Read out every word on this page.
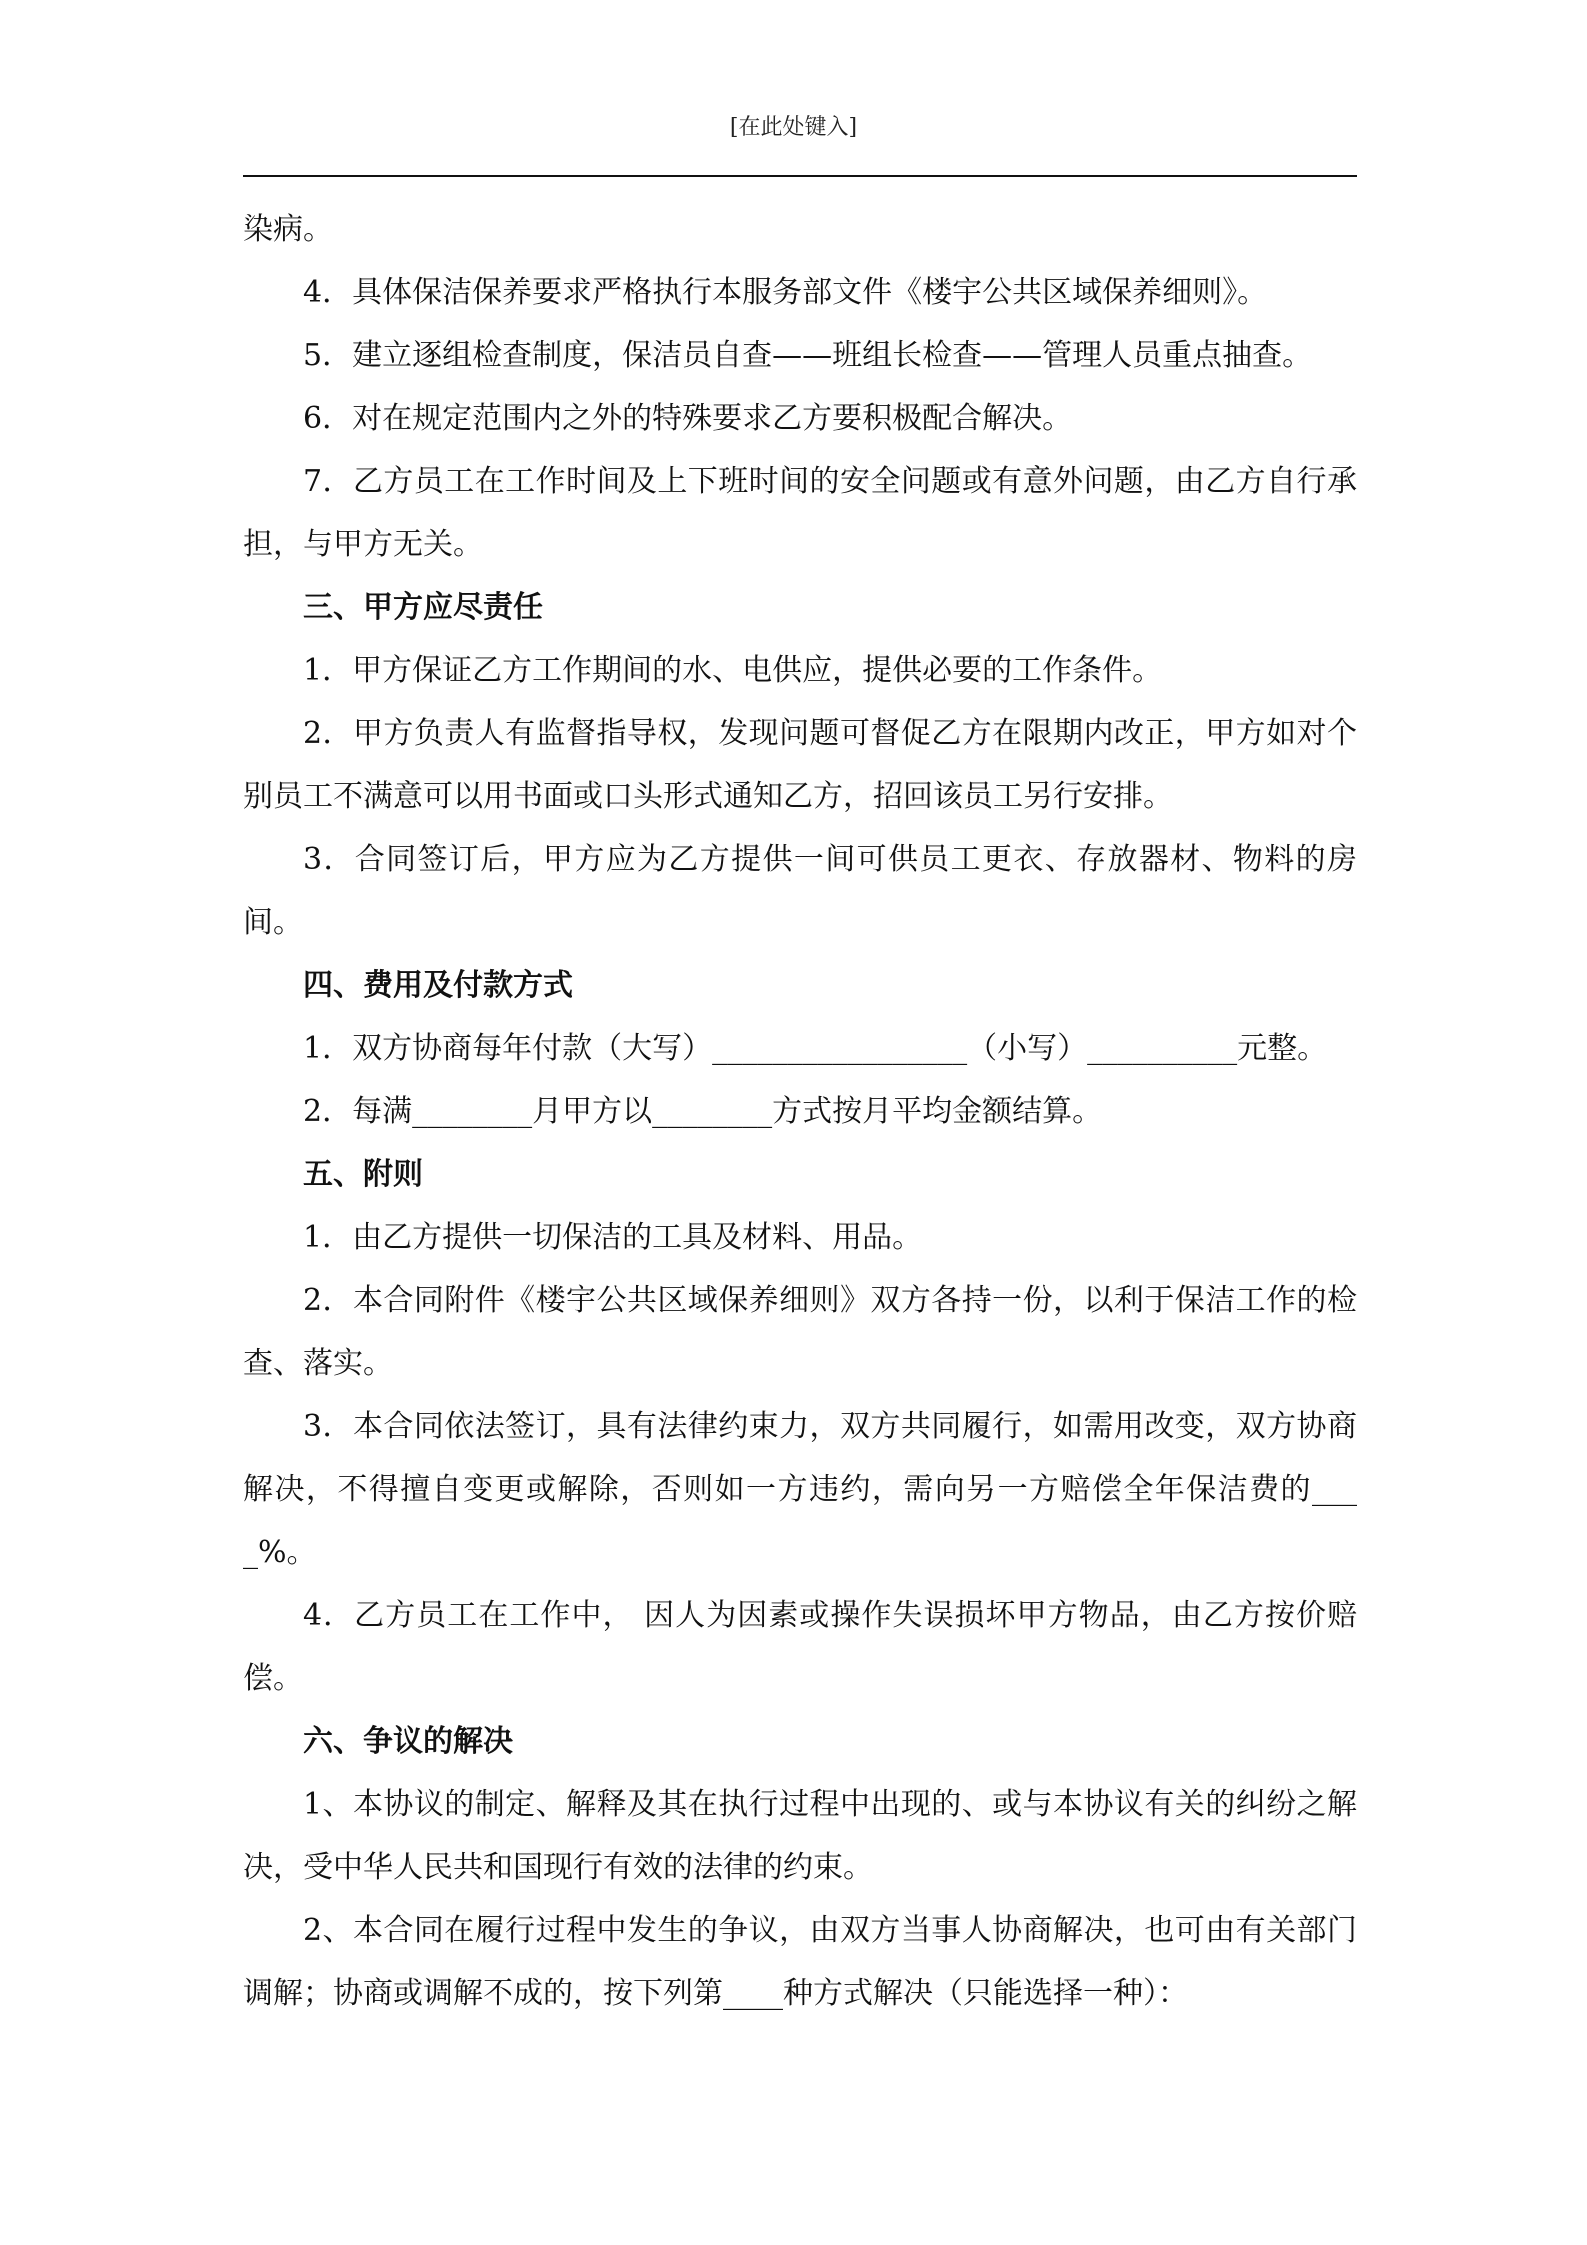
[在此处键入]

染病。

4．具体保洁保养要求严格执行本服务部文件《楼宇公共区域保养细则》。

5．建立逐组检查制度，保洁员自查——班组长检查——管理人员重点抽查。

6．对在规定范围内之外的特殊要求乙方要积极配合解决。

7．乙方员工在工作时间及上下班时间的安全问题或有意外问题，由乙方自行承担，与甲方无关。

三、甲方应尽责任

1．甲方保证乙方工作期间的水、电供应，提供必要的工作条件。

2．甲方负责人有监督指导权，发现问题可督促乙方在限期内改正，甲方如对个别员工不满意可以用书面或口头形式通知乙方，招回该员工另行安排。

3．合同签订后，甲方应为乙方提供一间可供员工更衣、存放器材、物料的房间。

四、费用及付款方式

1．双方协商每年付款（大写）_________________（小写）__________元整。

2．每满________月甲方以________方式按月平均金额结算。

五、附则

1．由乙方提供一切保洁的工具及材料、用品。

2．本合同附件《楼宇公共区域保养细则》双方各持一份，以利于保洁工作的检查、落实。

3．本合同依法签订，具有法律约束力，双方共同履行，如需用改变，双方协商解决，不得擅自变更或解除，否则如一方违约，需向另一方赔偿全年保洁费的____%。

4．乙方员工在工作中， 因人为因素或操作失误损坏甲方物品，由乙方按价赔偿。

六、争议的解决

1、本协议的制定、解释及其在执行过程中出现的、或与本协议有关的纠纷之解决，受中华人民共和国现行有效的法律的约束。

2、本合同在履行过程中发生的争议，由双方当事人协商解决，也可由有关部门调解；协商或调解不成的，按下列第____种方式解决（只能选择一种）：
